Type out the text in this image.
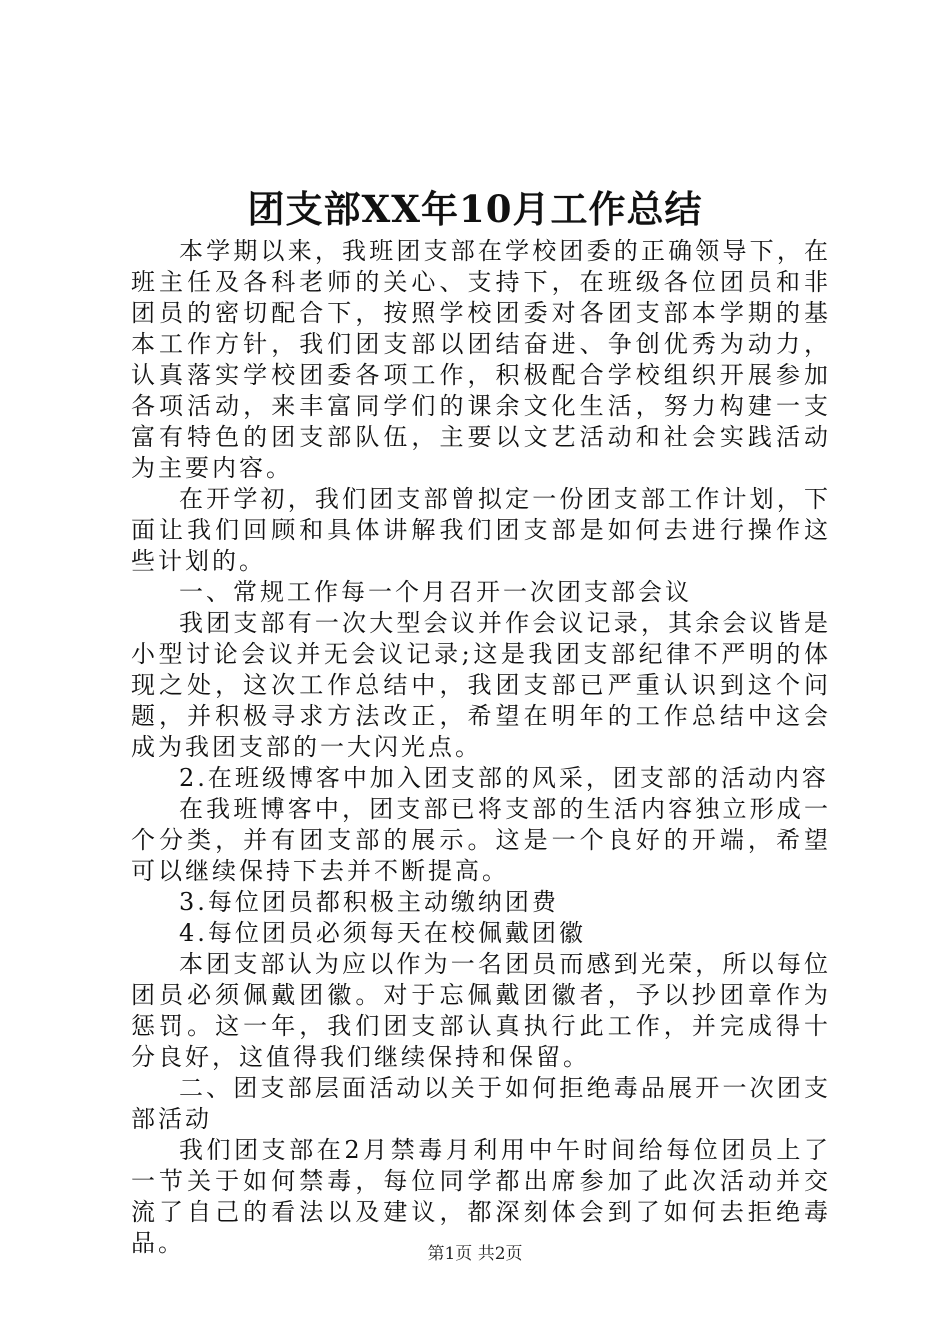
团支部XX年10月工作总结

本学期以来，我班团支部在学校团委的正确领导下，在班主任及各科老师的关心、支持下，在班级各位团员和非团员的密切配合下，按照学校团委对各团支部本学期的基本工作方针，我们团支部以团结奋进、争创优秀为动力，认真落实学校团委各项工作，积极配合学校组织开展参加各项活动，来丰富同学们的课余文化生活，努力构建一支富有特色的团支部队伍，主要以文艺活动和社会实践活动为主要内容。

在开学初，我们团支部曾拟定一份团支部工作计划，下面让我们回顾和具体讲解我们团支部是如何去进行操作这些计划的。

一、常规工作每一个月召开一次团支部会议

我团支部有一次大型会议并作会议记录，其余会议皆是小型讨论会议并无会议记录;这是我团支部纪律不严明的体现之处，这次工作总结中，我团支部已严重认识到这个问题，并积极寻求方法改正，希望在明年的工作总结中这会成为我团支部的一大闪光点。

2.在班级博客中加入团支部的风采，团支部的活动内容

在我班博客中，团支部已将支部的生活内容独立形成一个分类，并有团支部的展示。这是一个良好的开端，希望可以继续保持下去并不断提高。

3.每位团员都积极主动缴纳团费

4.每位团员必须每天在校佩戴团徽

本团支部认为应以作为一名团员而感到光荣，所以每位团员必须佩戴团徽。对于忘佩戴团徽者，予以抄团章作为惩罚。这一年，我们团支部认真执行此工作，并完成得十分良好，这值得我们继续保持和保留。

二、团支部层面活动以关于如何拒绝毒品展开一次团支部活动

我们团支部在2月禁毒月利用中午时间给每位团员上了一节关于如何禁毒，每位同学都出席参加了此次活动并交流了自己的看法以及建议，都深刻体会到了如何去拒绝毒品。	第1页 共2页
